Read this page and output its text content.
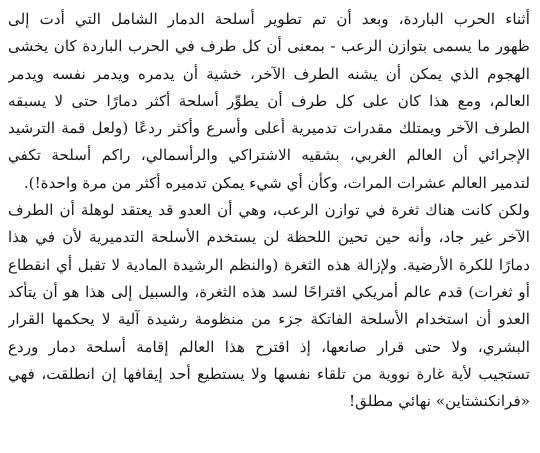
أثناء الحرب الباردة، وبعد أن تم تطوير أسلحة الدمار الشامل التي أدت إلى
ظهور ما يسمى بتوازن الرعب - بمعنى أن كل طرف في الحرب الباردة كان يخشى
الهجوم الذي يمكن أن يشنه الطرف الآخر، خشية أن يدمره ويدمر نفسه ويدمر
العالم، ومع هذا كان على كل طرف أن يطوِّر أسلحة أكثر دمارًا حتى لا يسبقه
الطرف الآخر ويمتلك مقدرات تدميرية أعلى وأسرع وأكثر ردعًا (ولعل قمة الترشيد
الإجرائي أن العالم الغربي، بشقيه الاشتراكي والرأسمالي، راكم أسلحة تكفي
لتدمير العالم عشرات المرات، وكأن أي شيء يمكن تدميره أكثر من مرة واحدة!).
ولكن كانت هناك ثغرة في توازن الرعب، وهي أن العدو قد يعتقد لوهلة أن الطرف
الآخر غير جاد، وأنه حين تحين اللحظة لن يستخدم الأسلحة التدميرية لأن في هذا
دمارًا للكرة الأرضية. ولإزالة هذه الثغرة (والنظم الرشيدة المادية لا تقبل أي انقطاع
أو ثغرات) قدم عالم أمريكي اقتراحًا لسد هذه الثغرة، والسبيل إلى هذا هو أن يتأكد
العدو أن استخدام الأسلحة الفاتكة جزء من منظومة رشيدة آلية لا يحكمها القرار
البشري، ولا حتى قرار صانعها، إذ اقترح هذا العالم إقامة أسلحة دمار وردع
تستجيب لأية غارة نووية من تلقاء نفسها ولا يستطيع أحد إيقافها إن انطلقت، فهي
«فرانكنشتاين» نهائي مطلق!
